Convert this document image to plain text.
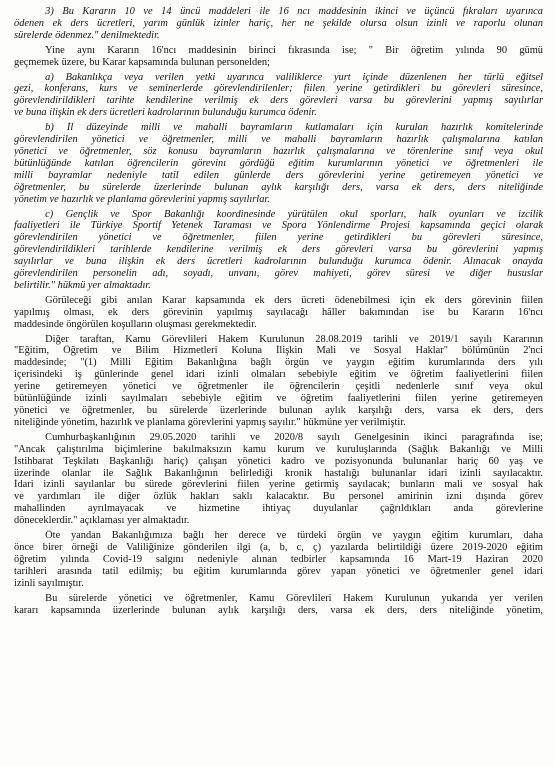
   3) Bu Kararın 10 ve 14 üncü maddeleri ile 16 ncı maddesinin ikinci ve üçüncü fıkraları uyarınca
ödenen ek ders ücretleri, yarım günlük izinler hariç, her ne şekilde olursa olsun izinli ve raporlu olunan
sürelerde ödenmez." denilmektedir.
   Yine aynı Kararın 16'ncı maddesinin birinci fıkrasında ise; " Bir öğretim yılında 90 gümü
geçmemek üzere, bu Karar kapsamında bulunan personelden;
   a) Bakanlıkça veya verilen yetki uyarınca valiliklerce yurt içinde düzenlenen her türlü eğitsel
gezi, konferans, kurs ve seminerlerde görevlendirilenler; fiilen yerine getirdikleri bu görevleri süresince,
görevlendirildikleri tarihte kendilerine verilmiş ek ders görevleri varsa bu görevlerini yapmış sayılırlar
ve buna ilişkin ek ders ücretleri kadrolarının bulunduğu kurumca ödenir.
   b) İl düzeyinde milli ve mahalli bayramların kutlamaları için kurulan hazırlık komitelerinde
görevlendirilen yönetici ve öğretmenler, milli ve mahalli bayramların hazırlık çalışmalarına katılan
yönetici ve öğretmenler, söz konusu bayramların hazırlık çalışmalarına ve törenlerine sınıf veya okul
bütünlüğünde katılan öğrencilerin görevinı gördüğü eğitim kurumlarının yönetici ve öğretmenleri ile
milli bayramlar nedeniyle tatil edilen günlerde ders görevlerini yerine getiremeyen yönetici ve
öğretmenler, bu sürelerde üzerlerinde bulunan aylık karşılığı ders, varsa ek ders, ders niteliğinde
yönetim ve hazırlık ve planlama görevlerini yapmış sayılırlar.
   c) Gençlik ve Spor Bakanlığı koordinesinde yürütülen okul sporları, halk oyunları ve izcilik
faaliyetleri ile Türkiye Sportif Yetenek Taraması ve Spora Yönlendirme Projesi kapsamında geçici olarak
görevlendirilen yönetici ve öğretmenler, fiilen yerine getirdikleri bu görevleri süresince,
görevlendirildikleri tarihlerde kendilerine verilmiş ek ders görevleri varsa bu görevlerini yapmış
sayılırlar ve buna ilişkin ek ders ücretleri kadrolarının bulunduğu kurumca ödenir. Alınacak onayda
görevlendirilen personelin adı, soyadı, unvanı, görev mahiyeti, görev süresi ve diğer hususlar
belirtilir." hükmü yer almaktadır.
   Görüleceği gibi anılan Karar kapsamında ek ders ücreti ödenebilmesi için ek ders görevinin fiilen
yapılmış olması, ek ders görevinin yapılmış sayılacağı hâller bakımından ise bu Kararın 16'ncı
maddesinde öngörülen koşulların oluşması gerekmektedir.
   Diğer taraftan, Kamu Görevlileri Hakem Kurulunun 28.08.2019 tarihli ve 2019/1 sayılı Kararının
"Eğitim, Öğretim ve Bilim Hizmetleri Koluna İlişkin Mali ve Sosyal Haklar" bölümünün 2'nci
maddesinde; "(1) Milli Eğitim Bakanlığına bağlı örgün ve yaygın eğitim kurumlarında ders yılı
içerisindeki iş günlerinde genel idari izinli olmaları sebebiyle eğitim ve öğretim faaliyetlerini fiilen
yerine getiremeyen yönetici ve öğretmenler ile öğrencilerin çeşitli nedenlerle sınıf veya okul
bütünlüğünde izinli sayılmaları sebebiyle eğitim ve öğretim faaliyetlerini fiilen yerine getiremeyen
yönetici ve öğretmenler, bu sürelerde üzerlerinde bulunan aylık karşılığı ders, varsa ek ders, ders
niteliğinde yönetim, hazırlık ve planlama görevlerini yapmış sayılır." hükmüne yer verilmiştir.
   Cumhurbaşkanlığının 29.05.2020 tarihli ve 2020/8 sayılı Genelgesinin ikinci paragrafında ise;
"Ancak çalıştırılma biçimlerine bakılmaksızın kamu kurum ve kuruluşlarında (Sağlık Bakanlığı ve Milli
İstihbarat Teşkilatı Başkanlığı hariç) çalışan yönetici kadro ve pozisyonunda bulunanlar hariç 60 yaş ve
üzerinde olanlar ile Sağlık Bakanlığının belirlediği kronik hastalığı bulunanlar idari izinli sayılacaktır.
İdari izinli sayılanlar bu sürede görevlerini fiilen yerine getirmiş sayılacak; bunların mali ve sosyal hak
ve yardımları ile diğer özlük hakları saklı kalacaktır. Bu personel amirinin izni dışında görev
mahallinden ayrılmayacak ve hizmetine ihtiyaç duyulanlar çağrıldıkları anda görevlerine
döneceklerdir." açıklaması yer almaktadır.
   Öte yandan Bakanlığımıza bağlı her derece ve türdeki örgün ve yaygın eğitim kurumları, daha
önce birer örneği de Valiliğinize gönderilen ilgi (a, b, c, ç) yazılarda belirtildiği üzere 2019-2020 eğitim
öğretim yılında Covid-19 salgını nedeniyle alınan tedbirler kapsamında 16 Mart-19 Haziran 2020
tarihleri arasında tatil edilmiş; bu eğitim kurumlarında görev yapan yönetici ve öğretmenler genel idari
izinli sayılmıştır.
   Bu sürelerde yönetici ve öğretmenler, Kamu Görevlileri Hakem Kurulunun yukarıda yer verilen
kararı kapsamında üzerlerinde bulunan aylık karşılığı ders, varsa ek ders, ders niteliğinde yönetim,
